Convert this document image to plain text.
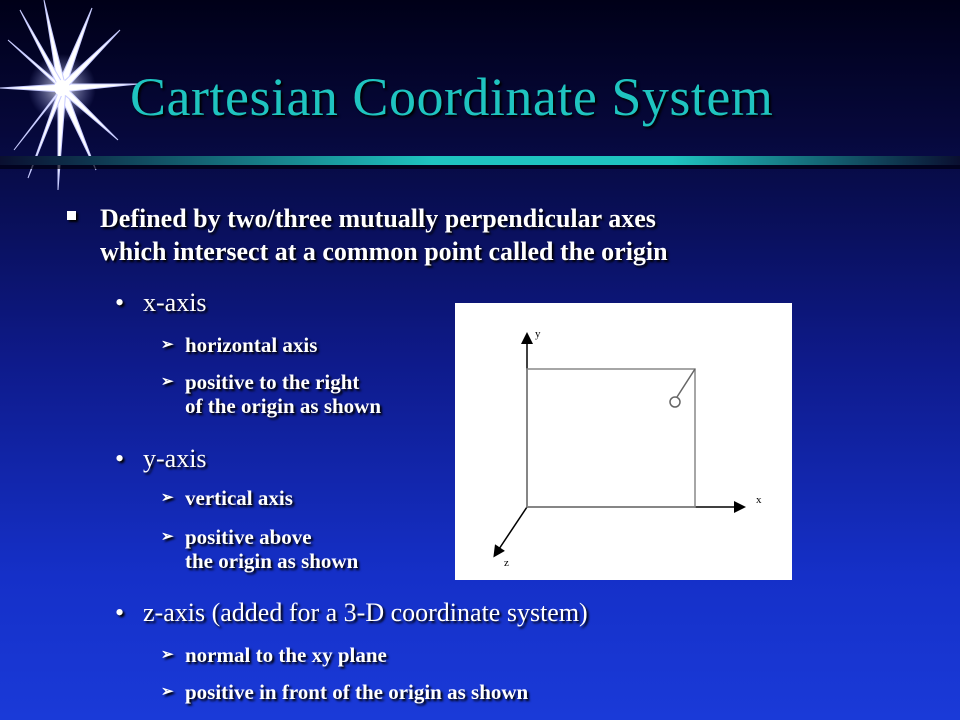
Cartesian Coordinate System
Defined by two/three mutually perpendicular axes
which intersect at a common point called the origin
• x-axis
➢ horizontal axis
➢ positive to the right
of the origin as shown
• y-axis
➢ vertical axis
➢ positive above
the origin as shown
• z-axis (added for a 3-D coordinate system)
➢ normal to the xy plane
➢ positive in front of the origin as shown
y
x
z
